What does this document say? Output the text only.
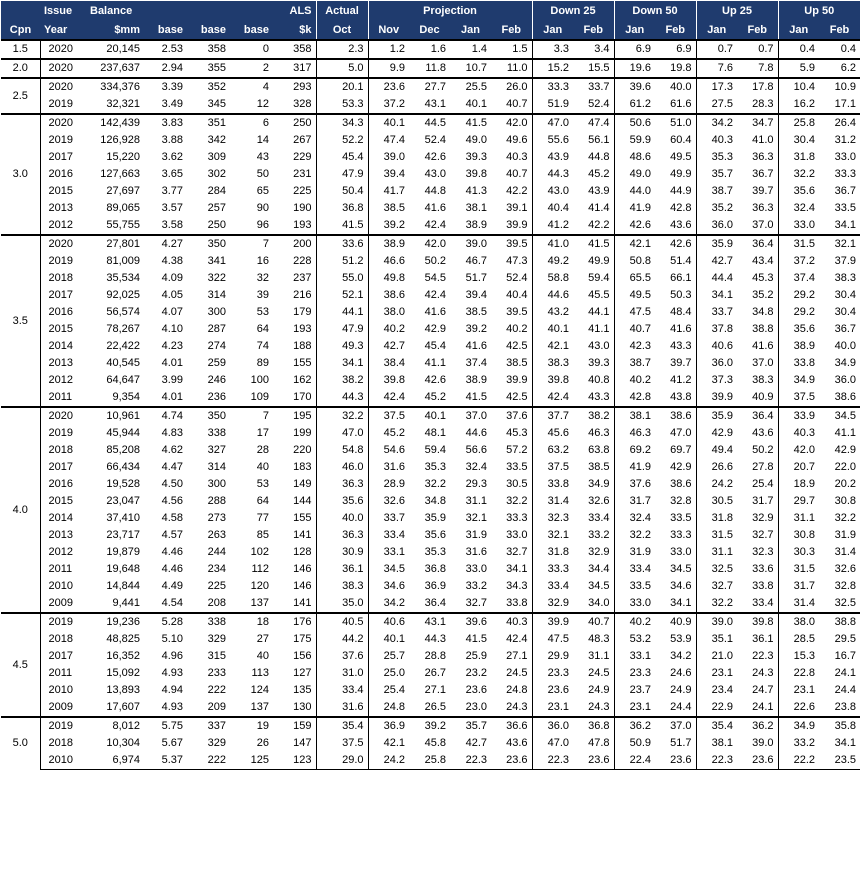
	Issue	Balance				ALS	Actual	Projection				Down 25		Down 50		Up 25		Up 50	
Cpn	Year	$mm	base	base	base	$k	Oct	Nov	Dec	Jan	Feb	Jan	Feb	Jan	Feb	Jan	Feb	Jan	Feb
1.5	2020	20,145	2.53	358	0	358	2.3	1.2	1.6	1.4	1.5	3.3	3.4	6.9	6.9	0.7	0.7	0.4	0.4
2.0	2020	237,637	2.94	355	2	317	5.0	9.9	11.8	10.7	11.0	15.2	15.5	19.6	19.8	7.6	7.8	5.9	6.2
2.5	2020	334,376	3.39	352	4	293	20.1	23.6	27.7	25.5	26.0	33.3	33.7	39.6	40.0	17.3	17.8	10.4	10.9
	2019	32,321	3.49	345	12	328	53.3	37.2	43.1	40.1	40.7	51.9	52.4	61.2	61.6	27.5	28.3	16.2	17.1
3.0	2020	142,439	3.83	351	6	250	34.3	40.1	44.5	41.5	42.0	47.0	47.4	50.6	51.0	34.2	34.7	25.8	26.4
	2019	126,928	3.88	342	14	267	52.2	47.4	52.4	49.0	49.6	55.6	56.1	59.9	60.4	40.3	41.0	30.4	31.2
	2017	15,220	3.62	309	43	229	45.4	39.0	42.6	39.3	40.3	43.9	44.8	48.6	49.5	35.3	36.3	31.8	33.0
	2016	127,663	3.65	302	50	231	47.9	39.4	43.0	39.8	40.7	44.3	45.2	49.0	49.9	35.7	36.7	32.2	33.3
	2015	27,697	3.77	284	65	225	50.4	41.7	44.8	41.3	42.2	43.0	43.9	44.0	44.9	38.7	39.7	35.6	36.7
	2013	89,065	3.57	257	90	190	36.8	38.5	41.6	38.1	39.1	40.4	41.4	41.9	42.8	35.2	36.3	32.4	33.5
	2012	55,755	3.58	250	96	193	41.5	39.2	42.4	38.9	39.9	41.2	42.2	42.6	43.6	36.0	37.0	33.0	34.1
3.5	2020	27,801	4.27	350	7	200	33.6	38.9	42.0	39.0	39.5	41.0	41.5	42.1	42.6	35.9	36.4	31.5	32.1
	2019	81,009	4.38	341	16	228	51.2	46.6	50.2	46.7	47.3	49.2	49.9	50.8	51.4	42.7	43.4	37.2	37.9
	2018	35,534	4.09	322	32	237	55.0	49.8	54.5	51.7	52.4	58.8	59.4	65.5	66.1	44.4	45.3	37.4	38.3
	2017	92,025	4.05	314	39	216	52.1	38.6	42.4	39.4	40.4	44.6	45.5	49.5	50.3	34.1	35.2	29.2	30.4
	2016	56,574	4.07	300	53	179	44.1	38.0	41.6	38.5	39.5	43.2	44.1	47.5	48.4	33.7	34.8	29.2	30.4
	2015	78,267	4.10	287	64	193	47.9	40.2	42.9	39.2	40.2	40.1	41.1	40.7	41.6	37.8	38.8	35.6	36.7
	2014	22,422	4.23	274	74	188	49.3	42.7	45.4	41.6	42.5	42.1	43.0	42.3	43.3	40.6	41.6	38.9	40.0
	2013	40,545	4.01	259	89	155	34.1	38.4	41.1	37.4	38.5	38.3	39.3	38.7	39.7	36.0	37.0	33.8	34.9
	2012	64,647	3.99	246	100	162	38.2	39.8	42.6	38.9	39.9	39.8	40.8	40.2	41.2	37.3	38.3	34.9	36.0
	2011	9,354	4.01	236	109	170	44.3	42.4	45.2	41.5	42.5	42.4	43.3	42.8	43.8	39.9	40.9	37.5	38.6
4.0	2020	10,961	4.74	350	7	195	32.2	37.5	40.1	37.0	37.6	37.7	38.2	38.1	38.6	35.9	36.4	33.9	34.5
	2019	45,944	4.83	338	17	199	47.0	45.2	48.1	44.6	45.3	45.6	46.3	46.3	47.0	42.9	43.6	40.3	41.1
	2018	85,208	4.62	327	28	220	54.8	54.6	59.4	56.6	57.2	63.2	63.8	69.2	69.7	49.4	50.2	42.0	42.9
	2017	66,434	4.47	314	40	183	46.0	31.6	35.3	32.4	33.5	37.5	38.5	41.9	42.9	26.6	27.8	20.7	22.0
	2016	19,528	4.50	300	53	149	36.3	28.9	32.2	29.3	30.5	33.8	34.9	37.6	38.6	24.2	25.4	18.9	20.2
	2015	23,047	4.56	288	64	144	35.6	32.6	34.8	31.1	32.2	31.4	32.6	31.7	32.8	30.5	31.7	29.7	30.8
	2014	37,410	4.58	273	77	155	40.0	33.7	35.9	32.1	33.3	32.3	33.4	32.4	33.5	31.8	32.9	31.1	32.2
	2013	23,717	4.57	263	85	141	36.3	33.4	35.6	31.9	33.0	32.1	33.2	32.2	33.3	31.5	32.7	30.8	31.9
	2012	19,879	4.46	244	102	128	30.9	33.1	35.3	31.6	32.7	31.8	32.9	31.9	33.0	31.1	32.3	30.3	31.4
	2011	19,648	4.46	234	112	146	36.1	34.5	36.8	33.0	34.1	33.3	34.4	33.4	34.5	32.5	33.6	31.5	32.6
	2010	14,844	4.49	225	120	146	38.3	34.6	36.9	33.2	34.3	33.4	34.5	33.5	34.6	32.7	33.8	31.7	32.8
	2009	9,441	4.54	208	137	141	35.0	34.2	36.4	32.7	33.8	32.9	34.0	33.0	34.1	32.2	33.4	31.4	32.5
4.5	2019	19,236	5.28	338	18	176	40.5	40.6	43.1	39.6	40.3	39.9	40.7	40.2	40.9	39.0	39.8	38.0	38.8
	2018	48,825	5.10	329	27	175	44.2	40.1	44.3	41.5	42.4	47.5	48.3	53.2	53.9	35.1	36.1	28.5	29.5
	2017	16,352	4.96	315	40	156	37.6	25.7	28.8	25.9	27.1	29.9	31.1	33.1	34.2	21.0	22.3	15.3	16.7
	2011	15,092	4.93	233	113	127	31.0	25.0	26.7	23.2	24.5	23.3	24.5	23.3	24.6	23.1	24.3	22.8	24.1
	2010	13,893	4.94	222	124	135	33.4	25.4	27.1	23.6	24.8	23.6	24.9	23.7	24.9	23.4	24.7	23.1	24.4
	2009	17,607	4.93	209	137	130	31.6	24.8	26.5	23.0	24.3	23.1	24.3	23.1	24.4	22.9	24.1	22.6	23.8
5.0	2019	8,012	5.75	337	19	159	35.4	36.9	39.2	35.7	36.6	36.0	36.8	36.2	37.0	35.4	36.2	34.9	35.8
	2018	10,304	5.67	329	26	147	37.5	42.1	45.8	42.7	43.6	47.0	47.8	50.9	51.7	38.1	39.0	33.2	34.1
	2010	6,974	5.37	222	125	123	29.0	24.2	25.8	22.3	23.6	22.3	23.6	22.4	23.6	22.3	23.6	22.2	23.5
